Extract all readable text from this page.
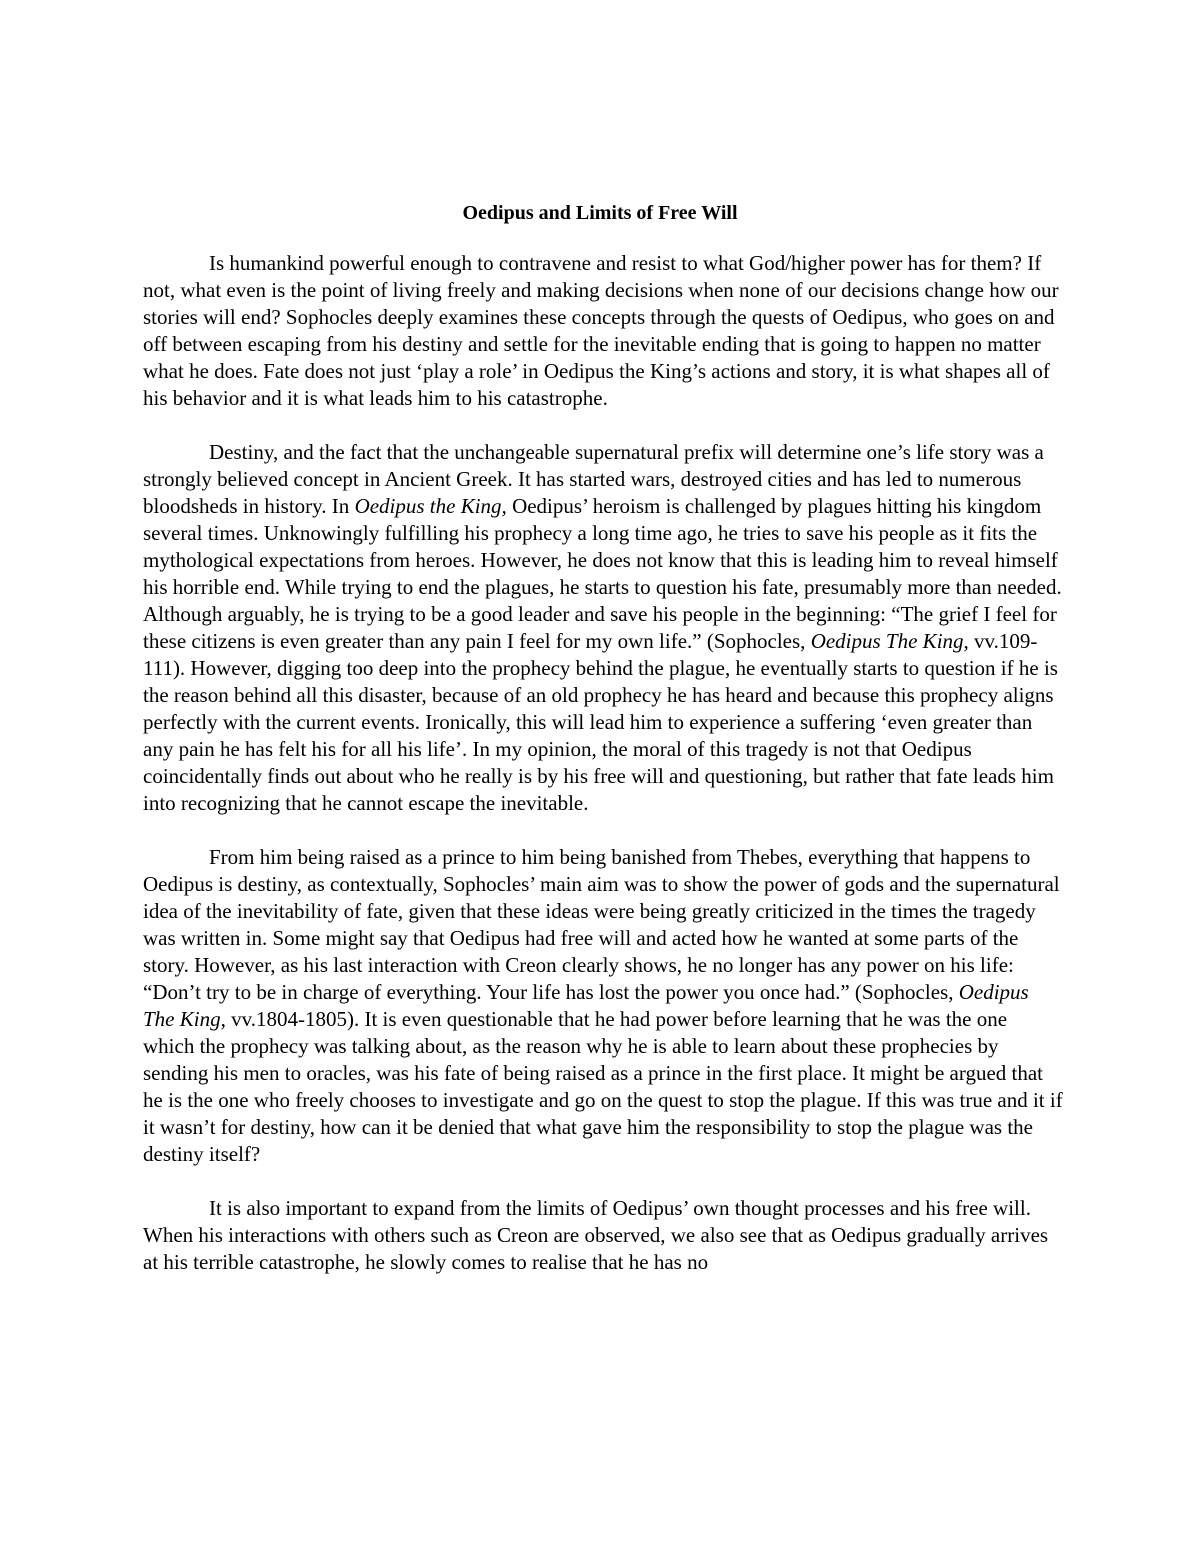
Oedipus and Limits of Free Will

Is humankind powerful enough to contravene and resist to what God/higher power has for them? If not, what even is the point of living freely and making decisions when none of our decisions change how our stories will end? Sophocles deeply examines these concepts through the quests of Oedipus, who goes on and off between escaping from his destiny and settle for the inevitable ending that is going to happen no matter what he does. Fate does not just ‘play a role’ in Oedipus the King’s actions and story, it is what shapes all of his behavior and it is what leads him to his catastrophe.

Destiny, and the fact that the unchangeable supernatural prefix will determine one’s life story was a strongly believed concept in Ancient Greek. It has started wars, destroyed cities and has led to numerous bloodsheds in history. In Oedipus the King, Oedipus’ heroism is challenged by plagues hitting his kingdom several times. Unknowingly fulfilling his prophecy a long time ago, he tries to save his people as it fits the mythological expectations from heroes. However, he does not know that this is leading him to reveal himself his horrible end. While trying to end the plagues, he starts to question his fate, presumably more than needed. Although arguably, he is trying to be a good leader and save his people in the beginning: “The grief I feel for these citizens is even greater than any pain I feel for my own life.” (Sophocles, Oedipus The King, vv.109-111). However, digging too deep into the prophecy behind the plague, he eventually starts to question if he is the reason behind all this disaster, because of an old prophecy he has heard and because this prophecy aligns perfectly with the current events. Ironically, this will lead him to experience a suffering ‘even greater than any pain he has felt his for all his life’. In my opinion, the moral of this tragedy is not that Oedipus coincidentally finds out about who he really is by his free will and questioning, but rather that fate leads him into recognizing that he cannot escape the inevitable.

From him being raised as a prince to him being banished from Thebes, everything that happens to Oedipus is destiny, as contextually, Sophocles’ main aim was to show the power of gods and the supernatural idea of the inevitability of fate, given that these ideas were being greatly criticized in the times the tragedy was written in. Some might say that Oedipus had free will and acted how he wanted at some parts of the story. However, as his last interaction with Creon clearly shows, he no longer has any power on his life: “Don’t try to be in charge of everything. Your life has lost the power you once had.” (Sophocles, Oedipus The King, vv.1804-1805). It is even questionable that he had power before learning that he was the one which the prophecy was talking about, as the reason why he is able to learn about these prophecies by sending his men to oracles, was his fate of being raised as a prince in the first place. It might be argued that he is the one who freely chooses to investigate and go on the quest to stop the plague. If this was true and it if it wasn’t for destiny, how can it be denied that what gave him the responsibility to stop the plague was the destiny itself?

It is also important to expand from the limits of Oedipus’ own thought processes and his free will. When his interactions with others such as Creon are observed, we also see that as Oedipus gradually arrives at his terrible catastrophe, he slowly comes to realise that he has no
